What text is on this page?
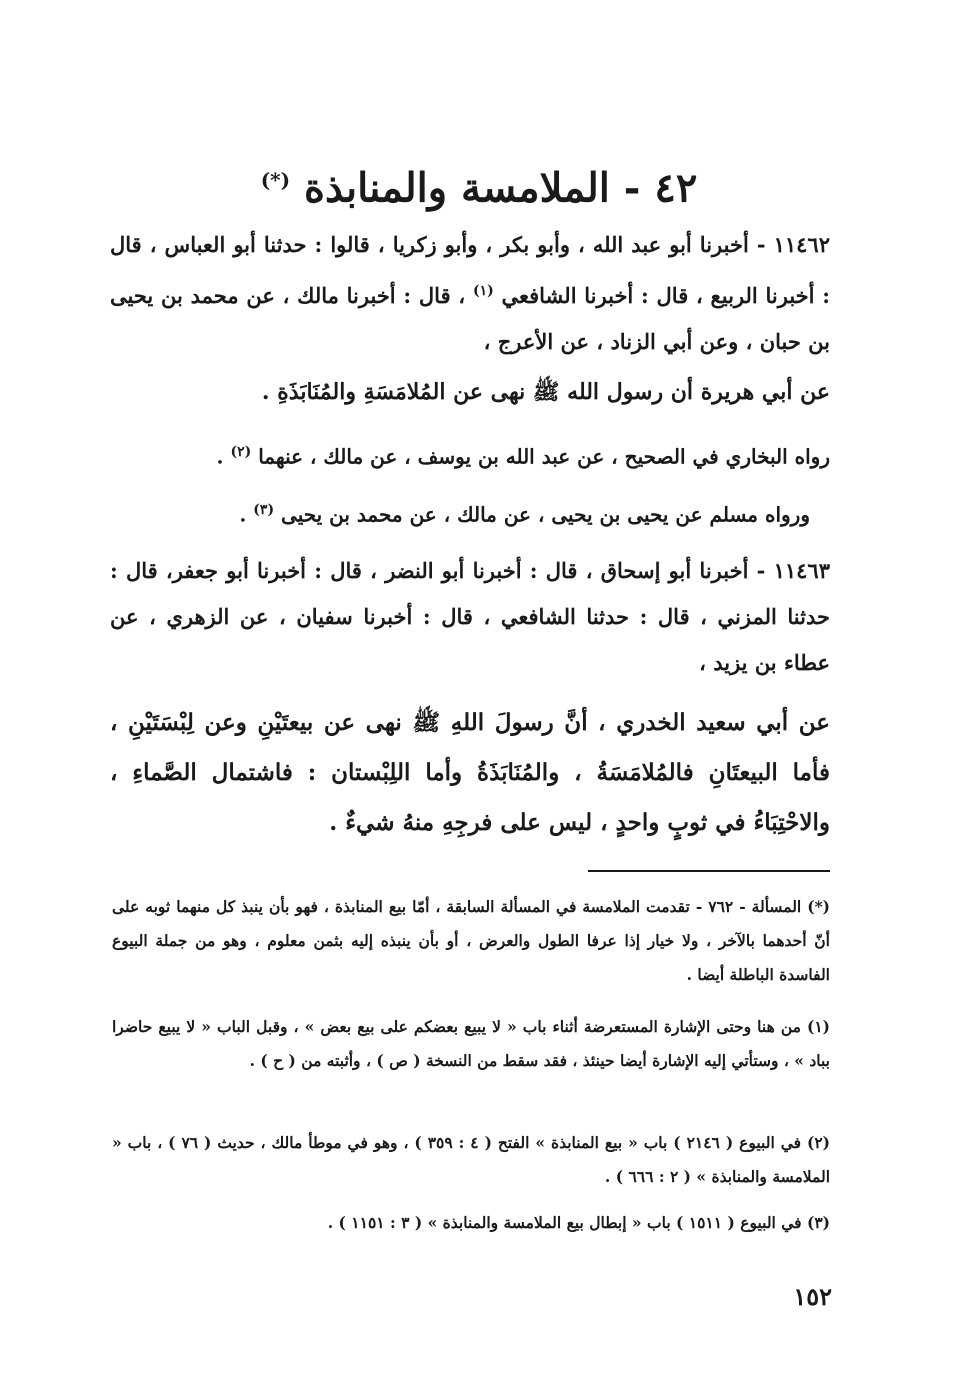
٤٢ - الملامسة والمنابذة (*)

١١٤٦٢ - أخبرنا أبو عبد الله ، وأبو بكر ، وأبو زكريا ، قالوا : حدثنا أبو العباس ، قال : أخبرنا الربيع ، قال : أخبرنا الشافعي $^{(١)}$ ، قال : أخبرنا مالك ، عن محمد بن يحيى بن حبان ، وعن أبي الزناد ، عن الأعرج ،

عن أبي هريرة أن رسول الله ﷺ نهى عن المُلامَسَةِ والمُنَابَذَةِ .
رواه البخاري في الصحيح ، عن عبد الله بن يوسف ، عن مالك ، عنهما $^{(٢)}$ .
ورواه مسلم عن يحيى بن يحيى ، عن مالك ، عن محمد بن يحيى $^{(٣)}$ .

١١٤٦٣ - أخبرنا أبو إسحاق ، قال : أخبرنا أبو النضر ، قال : أخبرنا أبو جعفر، قال : حدثنا المزني ، قال : حدثنا الشافعي ، قال : أخبرنا سفيان ، عن الزهري ، عن عطاء بن يزيد ،

عن أبي سعيد الخدري ، أنَّ رسولَ اللهِ ﷺ نهى عن بيعتَيْنِ وعن لِبْسَتَيْنِ ، فأما البيعتَانِ فالمُلامَسَةُ ، والمُنَابَذَةُ وأما اللِبْستان : فاشتمال الصَّماءِ ، والاحْتِبَاءُ في ثوبٍ واحدٍ ، ليس على فرجِهِ منهُ شيءٌ .
(*) المسألة - ٧٦٢ - تقدمت الملامسة في المسألة السابقة ، أمّا بيع المنابذة ، فهو بأن ينبذ كل منهما ثوبه على أنّ أحدهما بالآخر ، ولا خيار إذا عرفا الطول والعرض ، أو بأن ينبذه إليه بثمن معلوم ، وهو من جملة البيوع الفاسدة الباطلة أيضا .
(١) من هنا وحتى الإشارة المستعرضة أثناء باب « لا يبيع بعضكم على بيع بعض » ، وقبل الباب « لا يبيع حاضرا بباد » ، وستأتي إليه الإشارة أيضا حينئذ ، فقد سقط من النسخة ( ص ) ، وأثبته من ( ح ) .
(٢) في البيوع ( ٢١٤٦ ) باب « بيع المنابذة » الفتح ( ٤ : ٣٥٩ ) ، وهو في موطأ مالك ، حديث ( ٧٦ ) ، باب « الملامسة والمنابذة » ( ٢ : ٦٦٦ ) .
(٣) في البيوع ( ١٥١١ ) باب « إبطال بيع الملامسة والمنابذة » ( ٣ : ١١٥١ ) .
١٥٢
